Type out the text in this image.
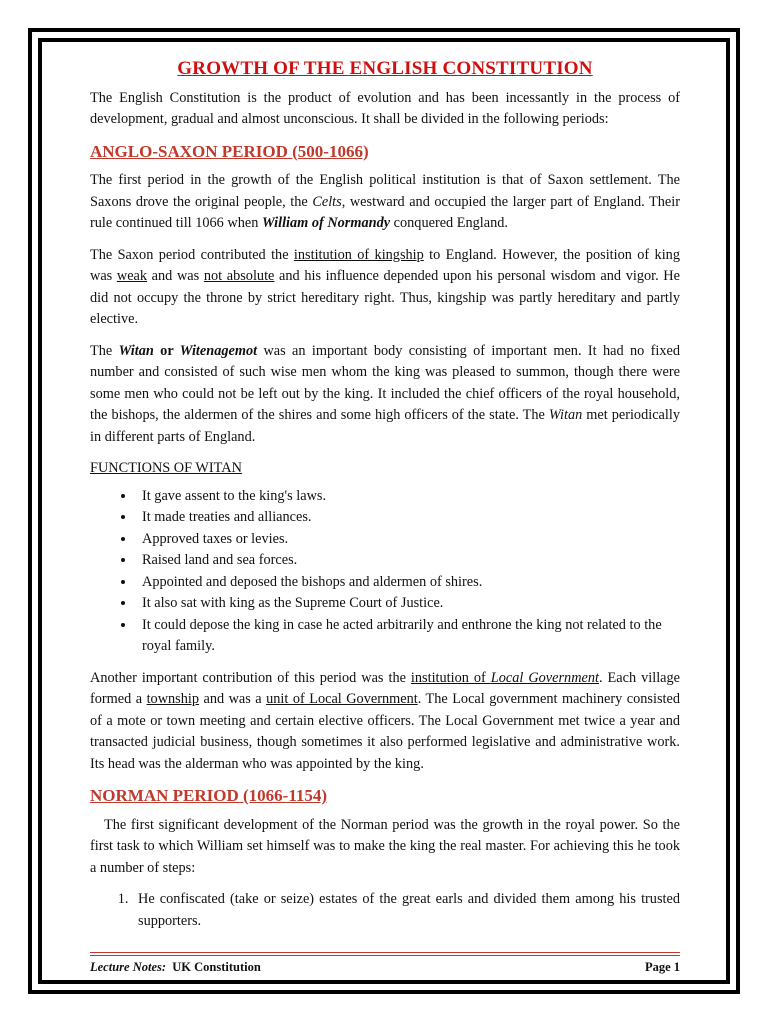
GROWTH OF THE ENGLISH CONSTITUTION

The English Constitution is the product of evolution and has been incessantly in the process of development, gradual and almost unconscious. It shall be divided in the following periods:

ANGLO-SAXON PERIOD (500-1066)

The first period in the growth of the English political institution is that of Saxon settlement. The Saxons drove the original people, the Celts, westward and occupied the larger part of England. Their rule continued till 1066 when William of Normandy conquered England.

The Saxon period contributed the institution of kingship to England. However, the position of king was weak and was not absolute and his influence depended upon his personal wisdom and vigor. He did not occupy the throne by strict hereditary right. Thus, kingship was partly hereditary and partly elective.

The Witan or Witenagemot was an important body consisting of important men. It had no fixed number and consisted of such wise men whom the king was pleased to summon, though there were some men who could not be left out by the king. It included the chief officers of the royal household, the bishops, the aldermen of the shires and some high officers of the state. The Witan met periodically in different parts of England.

FUNCTIONS OF WITAN
• It gave assent to the king's laws.
• It made treaties and alliances.
• Approved taxes or levies.
• Raised land and sea forces.
• Appointed and deposed the bishops and aldermen of shires.
• It also sat with king as the Supreme Court of Justice.
• It could depose the king in case he acted arbitrarily and enthrone the king not related to the royal family.

Another important contribution of this period was the institution of Local Government. Each village formed a township and was a unit of Local Government. The Local government machinery consisted of a mote or town meeting and certain elective officers. The Local Government met twice a year and transacted judicial business, though sometimes it also performed legislative and administrative work. Its head was the alderman who was appointed by the king.

NORMAN PERIOD (1066-1154)

The first significant development of the Norman period was the growth in the royal power. So the first task to which William set himself was to make the king the real master. For achieving this he took a number of steps:

1. He confiscated (take or seize) estates of the great earls and divided them among his trusted supporters.
Lecture Notes: UK Constitution	Page 1
